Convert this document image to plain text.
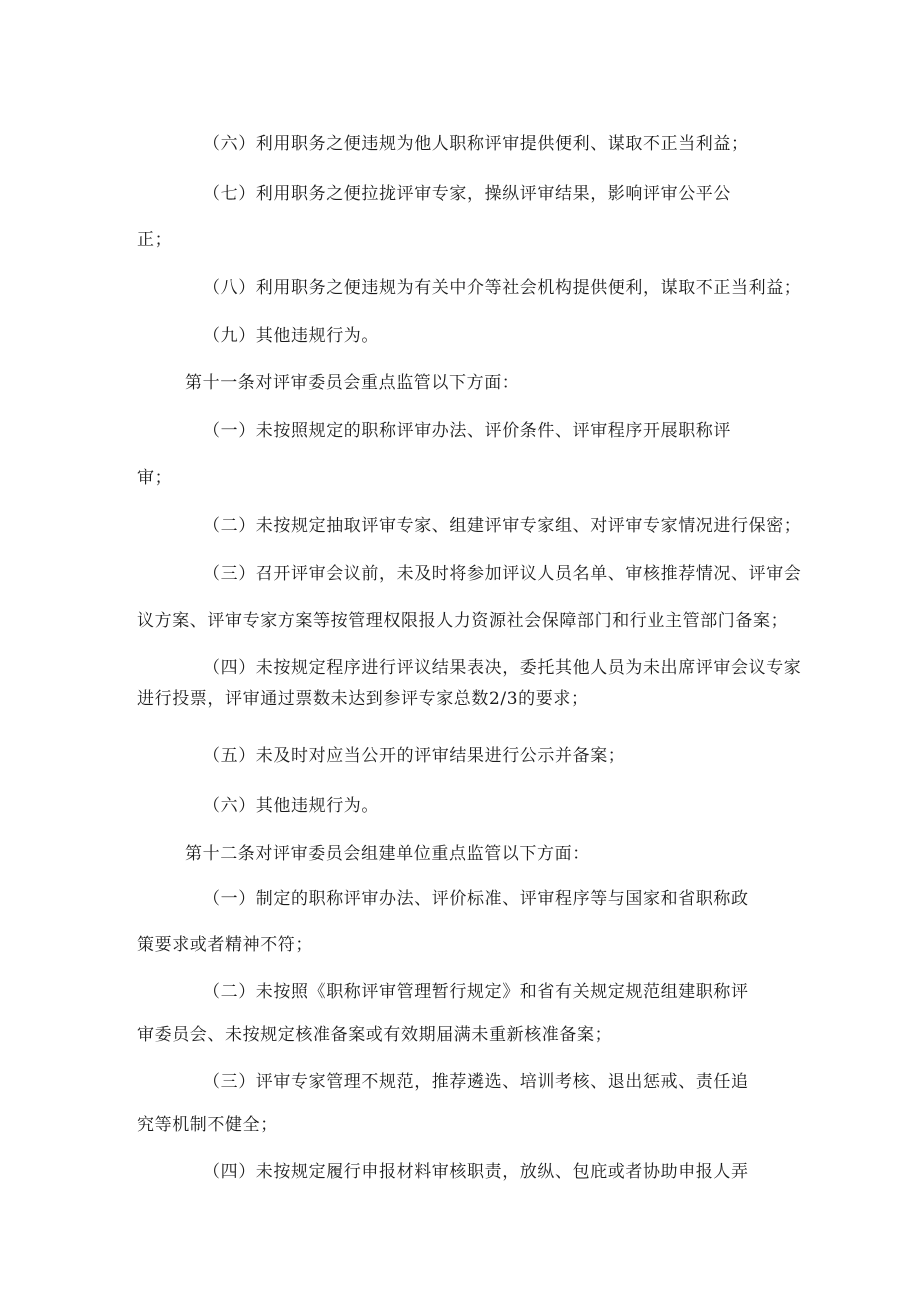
（六）利用职务之便违规为他人职称评审提供便利、谋取不正当利益；
（七）利用职务之便拉拢评审专家，操纵评审结果，影响评审公平公
正；
（八）利用职务之便违规为有关中介等社会机构提供便利，谋取不正当利益；
（九）其他违规行为。
第十一条对评审委员会重点监管以下方面：
（一）未按照规定的职称评审办法、评价条件、评审程序开展职称评
审；
（二）未按规定抽取评审专家、组建评审专家组、对评审专家情况进行保密；
（三）召开评审会议前，未及时将参加评议人员名单、审核推荐情况、评审会
议方案、评审专家方案等按管理权限报人力资源社会保障部门和行业主管部门备案；
（四）未按规定程序进行评议结果表决，委托其他人员为未出席评审会议专家
进行投票，评审通过票数未达到参评专家总数2/3的要求；
（五）未及时对应当公开的评审结果进行公示并备案；
（六）其他违规行为。
第十二条对评审委员会组建单位重点监管以下方面：
（一）制定的职称评审办法、评价标准、评审程序等与国家和省职称政
策要求或者精神不符；
（二）未按照《职称评审管理暂行规定》和省有关规定规范组建职称评
审委员会、未按规定核准备案或有效期届满未重新核准备案；
（三）评审专家管理不规范，推荐遴选、培训考核、退出惩戒、责任追
究等机制不健全；
（四）未按规定履行申报材料审核职责，放纵、包庇或者协助申报人弄
